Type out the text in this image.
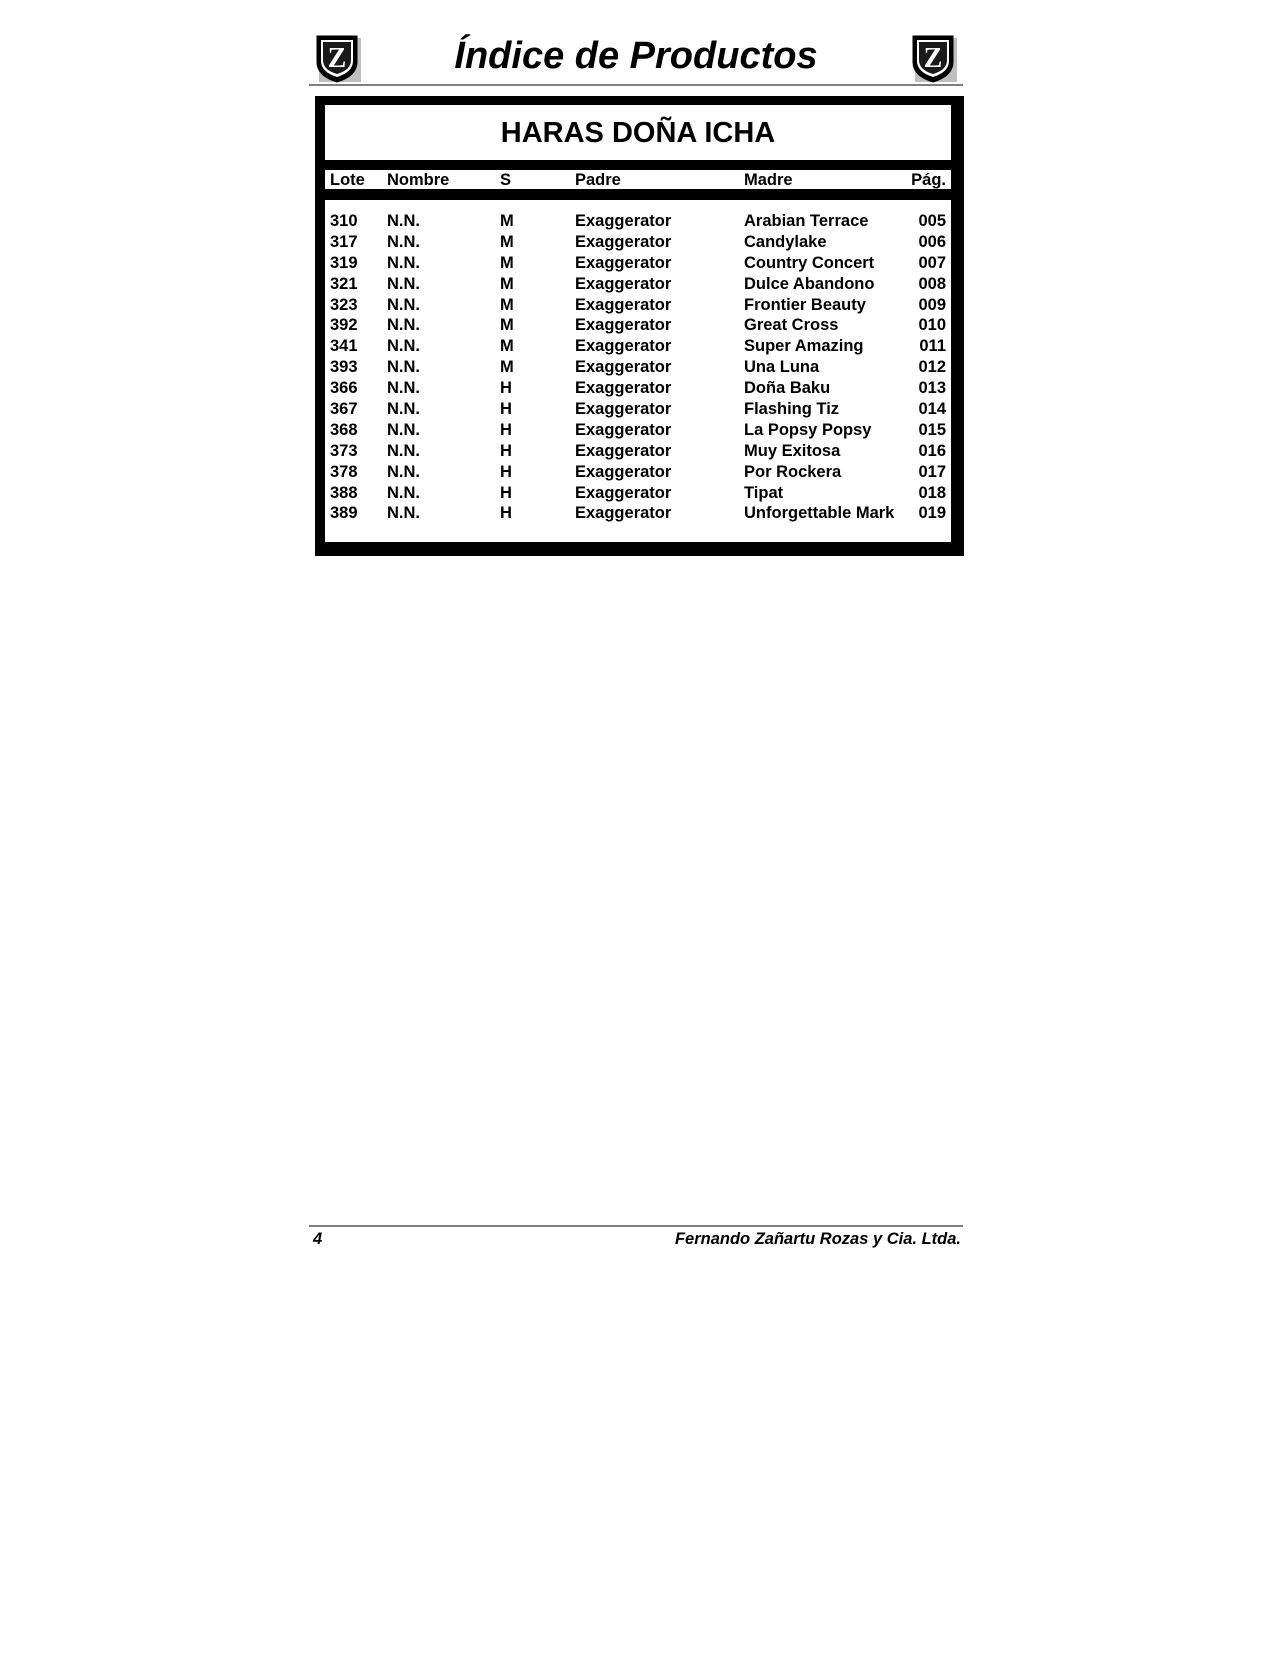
Z	Índice de Productos	Z
HARAS DOÑA ICHA
Lote Nombre	S	Padre	Madre	Pág.
310 N.N.	M	Exaggerator	Arabian Terrace	005
317 N.N.	M	Exaggerator	Candylake	006
319 N.N.	M	Exaggerator	Country Concert	007
321 N.N.	M	Exaggerator	Dulce Abandono	008
323 N.N.	M	Exaggerator	Frontier Beauty	009
392 N.N.	M	Exaggerator	Great Cross	010
341 N.N.	M	Exaggerator	Super Amazing	011
393 N.N.	M	Exaggerator	Una Luna	012
366 N.N.	H	Exaggerator	Doña Baku	013
367 N.N.	H	Exaggerator	Flashing Tiz	014
368 N.N.	H	Exaggerator	La Popsy Popsy	015
373 N.N.	H	Exaggerator	Muy Exitosa	016
378 N.N.	H	Exaggerator	Por Rockera	017
388 N.N.	H	Exaggerator	Tipat	018
389 N.N.	H	Exaggerator	Unforgettable Mark 019
4	Fernando Zañartu Rozas y Cia. Ltda.
